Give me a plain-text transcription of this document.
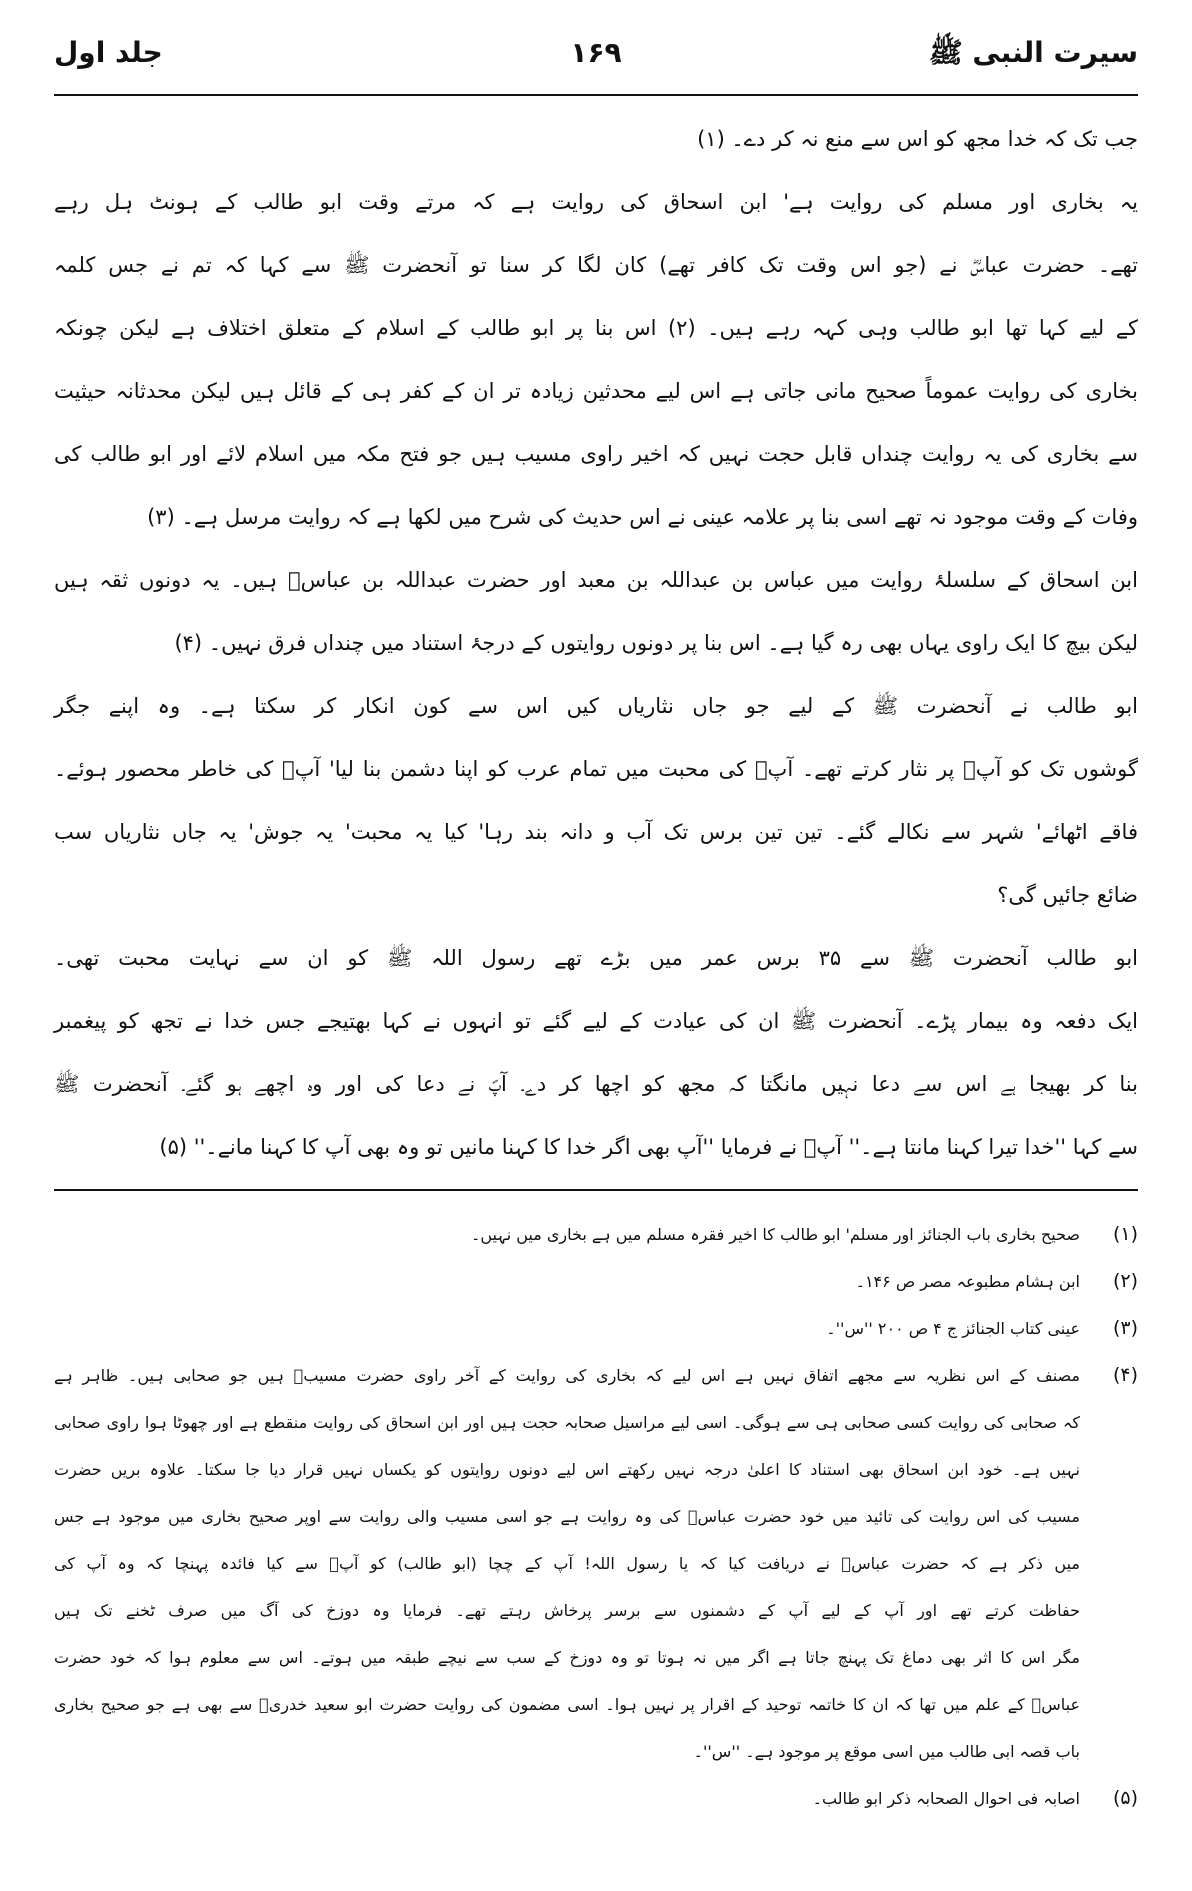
سیرت النبی ﷺ
۱۶۹
جلد اول
جب تک کہ خدا مجھ کو اس سے منع نہ کر دے۔ (۱)
یہ بخاری اور مسلم کی روایت ہے' ابن اسحاق کی روایت ہے کہ مرتے وقت ابو طالب کے ہونٹ ہل رہے
تھے۔ حضرت عباسؓ نے (جو اس وقت تک کافر تھے) کان لگا کر سنا تو آنحضرت ﷺ سے کہا کہ تم نے جس کلمہ
کے لیے کہا تھا ابو طالب وہی کہہ رہے ہیں۔ (۲) اس بنا پر ابو طالب کے اسلام کے متعلق اختلاف ہے لیکن چونکہ
بخاری کی روایت عموماً صحیح مانی جاتی ہے اس لیے محدثین زیادہ تر ان کے کفر ہی کے قائل ہیں لیکن محدثانہ حیثیت
سے بخاری کی یہ روایت چنداں قابل حجت نہیں کہ اخیر راوی مسیب ہیں جو فتح مکہ میں اسلام لائے اور ابو طالب کی
وفات کے وقت موجود نہ تھے اسی بنا پر علامہ عینی نے اس حدیث کی شرح میں لکھا ہے کہ روایت مرسل ہے۔ (۳)
ابن اسحاق کے سلسلۂ روایت میں عباس بن عبداللہ بن معبد اور حضرت عبداللہ بن عباسؓ ہیں۔ یہ دونوں ثقہ ہیں
لیکن بیچ کا ایک راوی یہاں بھی رہ گیا ہے۔ اس بنا پر دونوں روایتوں کے درجۂ استناد میں چنداں فرق نہیں۔ (۴)
ابو طالب نے آنحضرت ﷺ کے لیے جو جاں نثاریاں کیں اس سے کون انکار کر سکتا ہے۔ وہ اپنے جگر
گوشوں تک کو آپؐ پر نثار کرتے تھے۔ آپؐ کی محبت میں تمام عرب کو اپنا دشمن بنا لیا' آپؐ کی خاطر محصور ہوئے۔
فاقے اٹھائے' شہر سے نکالے گئے۔ تین تین برس تک آب و دانہ بند رہا' کیا یہ محبت' یہ جوش' یہ جاں نثاریاں سب
ضائع جائیں گی؟
ابو طالب آنحضرت ﷺ سے ۳۵ برس عمر میں بڑے تھے رسول اللہ ﷺ کو ان سے نہایت محبت تھی۔
ایک دفعہ وہ بیمار پڑے۔ آنحضرت ﷺ ان کی عیادت کے لیے گئے تو انہوں نے کہا بھتیجے جس خدا نے تجھ کو پیغمبر
بنا کر بھیجا ہے اس سے دعا نہیں مانگتا کہ مجھ کو اچھا کر دے۔ آپؐ نے دعا کی اور وہ اچھے ہو گئے۔ آنحضرت ﷺ
سے کہا ''خدا تیرا کہنا مانتا ہے۔'' آپؐ نے فرمایا ''آپ بھی اگر خدا کا کہنا مانیں تو وہ بھی آپ کا کہنا مانے۔'' (۵)
(۱)
صحیح بخاری باب الجنائز اور مسلم' ابو طالب کا اخیر فقرہ مسلم میں ہے بخاری میں نہیں۔
(۲)
ابن ہشام مطبوعہ مصر ص ۱۴۶۔
(۳)
عینی کتاب الجنائز ج ۴ ص ۲۰۰ ''س''۔
(۴)
مصنف کے اس نظریہ سے مجھے اتفاق نہیں ہے اس لیے کہ بخاری کی روایت کے آخر راوی حضرت مسیبؓ ہیں جو صحابی ہیں۔ ظاہر ہے
کہ صحابی کی روایت کسی صحابی ہی سے ہوگی۔ اسی لیے مراسیل صحابہ حجت ہیں اور ابن اسحاق کی روایت منقطع ہے اور چھوٹا ہوا راوی صحابی
نہیں ہے۔ خود ابن اسحاق بھی استناد کا اعلیٰ درجہ نہیں رکھتے اس لیے دونوں روایتوں کو یکساں نہیں قرار دیا جا سکتا۔ علاوہ بریں حضرت
مسیب کی اس روایت کی تائید میں خود حضرت عباسؓ کی وہ روایت ہے جو اسی مسیب والی روایت سے اوپر صحیح بخاری میں موجود ہے جس
میں ذکر ہے کہ حضرت عباسؓ نے دریافت کیا کہ یا رسول اللہ! آپ کے چچا (ابو طالب) کو آپؐ سے کیا فائدہ پہنچا کہ وہ آپ کی
حفاظت کرتے تھے اور آپ کے لیے آپ کے دشمنوں سے برسر پرخاش رہتے تھے۔ فرمایا وہ دوزخ کی آگ میں صرف ٹخنے تک ہیں
مگر اس کا اثر بھی دماغ تک پہنچ جاتا ہے اگر میں نہ ہوتا تو وہ دوزخ کے سب سے نیچے طبقہ میں ہوتے۔ اس سے معلوم ہوا کہ خود حضرت
عباسؓ کے علم میں تھا کہ ان کا خاتمہ توحید کے اقرار پر نہیں ہوا۔ اسی مضمون کی روایت حضرت ابو سعید خدریؓ سے بھی ہے جو صحیح بخاری
باب قصہ ابی طالب میں اسی موقع پر موجود ہے۔ ''س''۔
(۵)
اصابہ فی احوال الصحابہ ذکر ابو طالب۔
